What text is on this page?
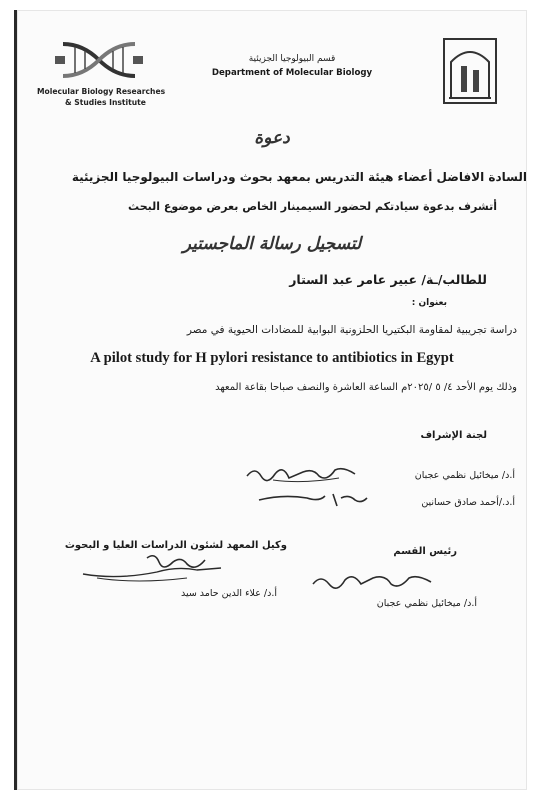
Molecular Biology Researches
& Studies Institute
قسم البيولوجيا الجزيئية
Department of Molecular Biology
دعوة
السادة الافاضل أعضاء هيئة التدريس بمعهد بحوث ودراسات البيولوجيا الجزيئية
أتشرف بدعوة سيادتكم لحضور السيمينار الخاص بعرض موضوع البحث
لتسجيل رسالة الماجستير
للطالب/ـة/ عبير عامر عبد الستار
بعنوان :
دراسة تجريبية لمقاومة البكتيريا الحلزونية البوابية للمضادات الحيوية في مصر
A pilot study for H pylori resistance to antibiotics in Egypt
وذلك يوم الأحد ٤/ ٥ /٢٠٢٥م الساعة العاشرة والنصف صباحا بقاعة المعهد
لجنة الإشراف
أ.د/ ميخائيل نظمي عجبان
أ.د./أحمد صادق حسانين
وكيل المعهد لشئون الدراسات العليا و البحوث
أ.د/ علاء الدين حامد سيد
رئيس القسم
أ.د/ ميخائيل نظمي عجبان
